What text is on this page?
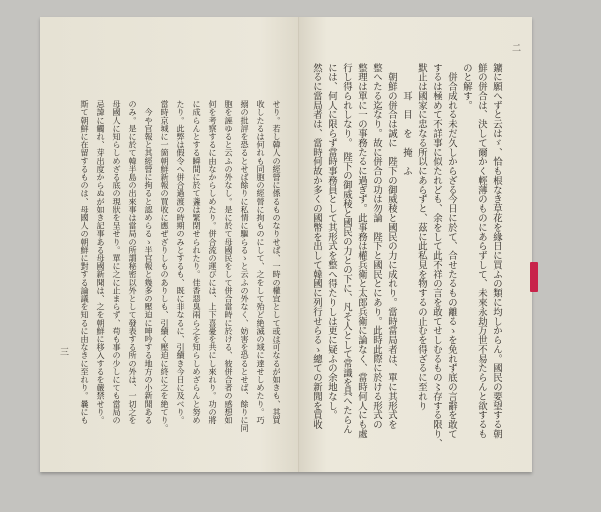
せり。若し韓人の經營に係るものなりせば、一時の權宜として或は可なるが如きも、其買
收したるは何れも同胞の經營に拘ものにして、之をして殆ど絶滅の域に達せしめたり。巧
搦の批評を恐るとせば餘りに私情に驅らるゝと云ふの外なく、妨害を恐るとせば、餘りに同
胞を誣ゆると云ふの外なし。是に於て母國民をして併合當時に於ける、彼併合者の感想如
何を考察するに由なからしめたり。併合流の運びには、上下喜憂を共にし來れり。功の將
に成らんとする瞬間に於て盞は緊閉せられたり。佳香惡臭兩ら之を知らしめざらんと努め
たり。此弊は假令へ併合過渡の時期のみとするも、既に非なるに、引續き今日に及べり。
當時京城に一箇朝鮮新報の買收に應ぜざりしものありしも、引續く壓迫に終に之を絶てり。
　今や官報と其經營に拘ると認めらるゝ半官報と幾多の壓迫に呻吟する地方の小新聞ある
のみ。是に於て韓半島の出來事は當局の所謂秘密以外として發表する所の外は、一切之を
母國人に知らしめざる底の現狀を呈せり。單に之に止まらず、苟も事の少しにても當局の
忌諱に觸れ、芽出度からぬが如き記事ある母國新聞は、之を朝鮮に移入するを嚴禁せり。
斯て朝鮮に在留するものは、母國人の朝鮮に對する論議を知るに由なきに至れり。曩にも
三	鑛に願へずと云はゞ、恰も根なき草花を緣日に買ふの類に均しからん。國民の要望する朝
鮮の併合は、決して爾かく輕薄のものにあらずして、未來永劫万世不易たらんと欲するも
のと解す。
　併合成れる未だ久しからざる今日に於て、合せたるもの離るゝを免れず底の言辭を敢て
するは極めて不詳事に似たれども、余をして此不祥の言を敢てせしむるもの〻存する限り、
默止は國家に忠なる所以にあらずと、茲に此私見を物するの止むを得ざるに至れり
　　　耳　目　を　掩　ふ
　朝鮮の併合は誠に　陛下の御威稜と國民の力に成れり。當時當局者は、單に其形式を
整へたる迄なり。故に併合の功は勿論　陛下と國民とにあり。此時此際に於ける形式の
整理は單に一の事務たるに過ぎず。此事務は權兵衛と太郎兵衛に論なく、當時何人にも處
行し得られしなり。　陛下の御威稜と國民の力との下に、凡そ人として常識を具へたらん
には、何人に限らず當時事務員として其形式を整へ得たりしは更に疑ふの余地なし。
然るに當局者は、當時何故か多くの國幣を出して韓國に列行せらるゝ總ての新聞を買收
二
